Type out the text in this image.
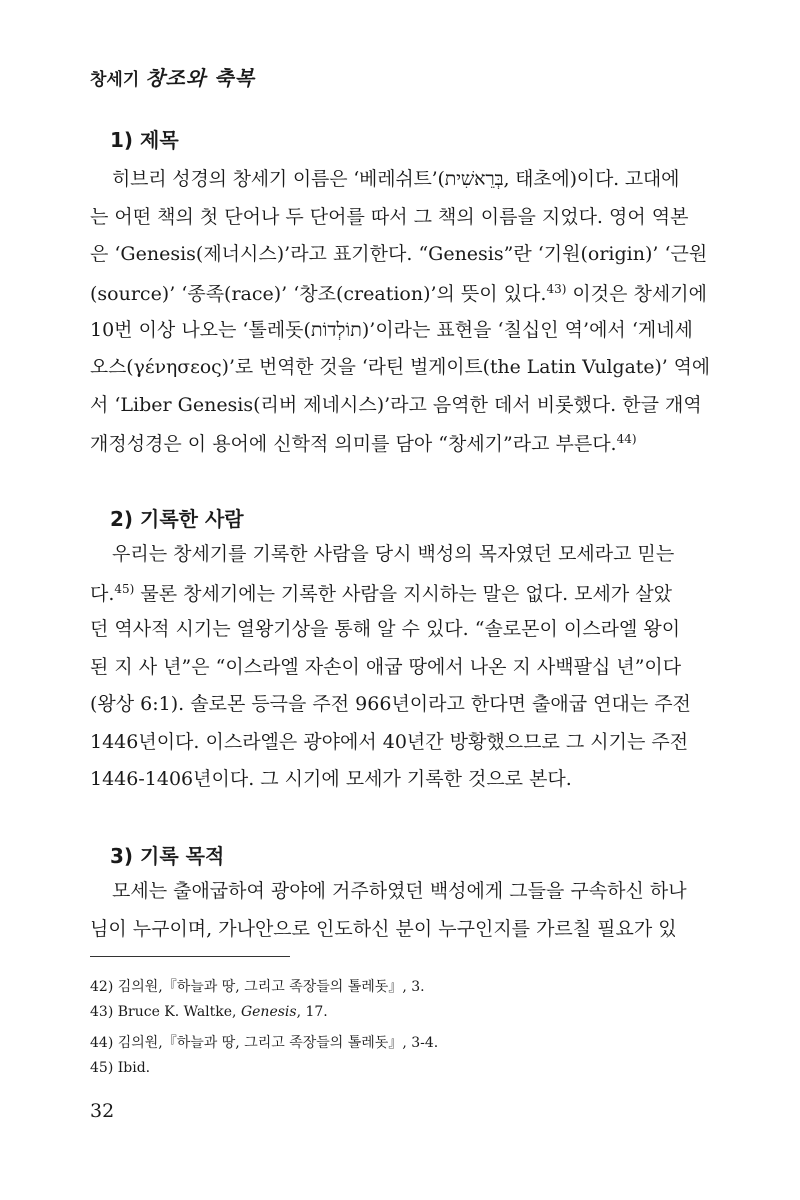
창세기 창조와 축복
1) 제목
히브리 성경의 창세기 이름은 ‘베레쉬트’(בְּרֵאשִׁית, 태초에)이다. 고대에
는 어떤 책의 첫 단어나 두 단어를 따서 그 책의 이름을 지었다. 영어 역본
은 ‘Genesis(제너시스)’라고 표기한다. “Genesis”란 ‘기원(origin)’ ‘근원
(source)’ ‘종족(race)’ ‘창조(creation)’의 뜻이 있다.$^{43)}$ 이것은 창세기에
10번 이상 나오는 ‘톨레돗(תוֹלְדוֹת)’이라는 표현을 ‘칠십인 역’에서 ‘게네세
오스(γένησεος)’로 번역한 것을 ‘라틴 벌게이트(the Latin Vulgate)’ 역에
서 ‘Liber Genesis(리버 제네시스)’라고 음역한 데서 비롯했다. 한글 개역
개정성경은 이 용어에 신학적 의미를 담아 “창세기”라고 부른다.$^{44)}$
2) 기록한 사람
우리는 창세기를 기록한 사람을 당시 백성의 목자였던 모세라고 믿는
다.$^{45)}$ 물론 창세기에는 기록한 사람을 지시하는 말은 없다. 모세가 살았
던 역사적 시기는 열왕기상을 통해 알 수 있다. “솔로몬이 이스라엘 왕이
된 지 사 년”은 “이스라엘 자손이 애굽 땅에서 나온 지 사백팔십 년”이다
(왕상 6:1). 솔로몬 등극을 주전 966년이라고 한다면 출애굽 연대는 주전
1446년이다. 이스라엘은 광야에서 40년간 방황했으므로 그 시기는 주전
1446-1406년이다. 그 시기에 모세가 기록한 것으로 본다.
3) 기록 목적
모세는 출애굽하여 광야에 거주하였던 백성에게 그들을 구속하신 하나
님이 누구이며, 가나안으로 인도하신 분이 누구인지를 가르칠 필요가 있
42) 김의원,『하늘과 땅, 그리고 족장들의 톨레돗』, 3.
43) Bruce K. Waltke, Genesis, 17.
44) 김의원,『하늘과 땅, 그리고 족장들의 톨레돗』, 3-4.
45) Ibid.
32
